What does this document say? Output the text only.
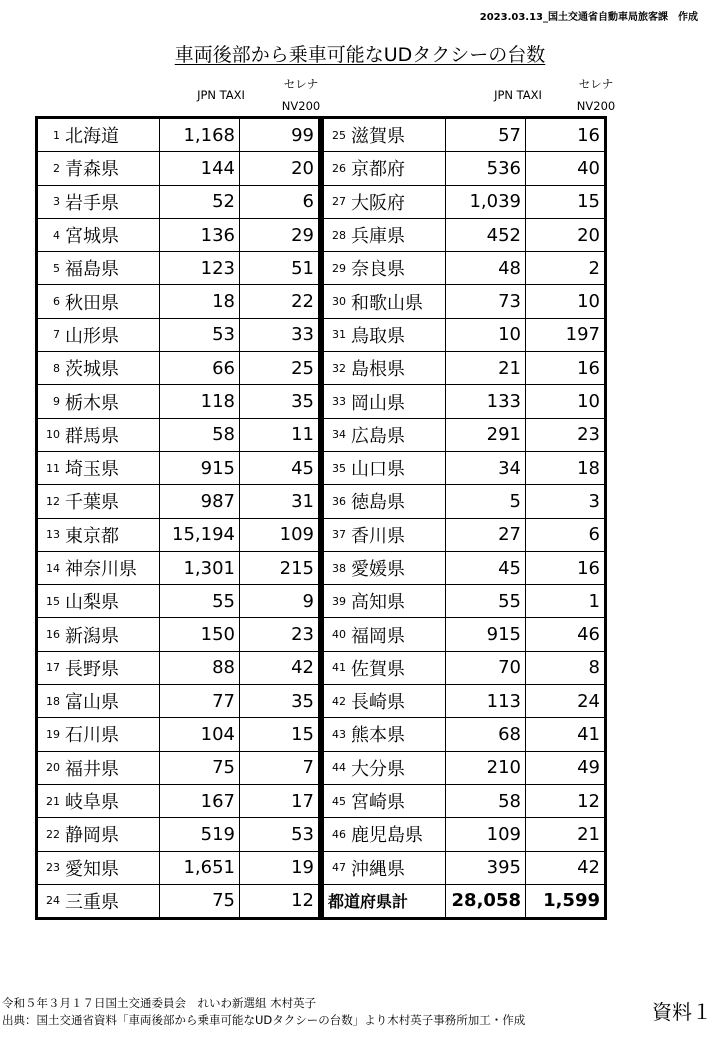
2023.03.13_国土交通省自動車局旅客課　作成
車両後部から乗車可能なUDタクシーの台数
JPN TAXI
セレナ
NV200
JPN TAXI
セレナ
NV200
1	北海道	1,168	99		25	滋賀県	57	16
2	青森県	144	20		26	京都府	536	40
3	岩手県	52	6		27	大阪府	1,039	15
4	宮城県	136	29		28	兵庫県	452	20
5	福島県	123	51		29	奈良県	48	2
6	秋田県	18	22		30	和歌山県	73	10
7	山形県	53	33		31	鳥取県	10	197
8	茨城県	66	25		32	島根県	21	16
9	栃木県	118	35		33	岡山県	133	10
10	群馬県	58	11		34	広島県	291	23
11	埼玉県	915	45		35	山口県	34	18
12	千葉県	987	31		36	徳島県	5	3
13	東京都	15,194	109		37	香川県	27	6
14	神奈川県	1,301	215		38	愛媛県	45	16
15	山梨県	55	9		39	高知県	55	1
16	新潟県	150	23		40	福岡県	915	46
17	長野県	88	42		41	佐賀県	70	8
18	富山県	77	35		42	長崎県	113	24
19	石川県	104	15		43	熊本県	68	41
20	福井県	75	7		44	大分県	210	49
21	岐阜県	167	17		45	宮崎県	58	12
22	静岡県	519	53		46	鹿児島県	109	21
23	愛知県	1,651	19		47	沖縄県	395	42
24	三重県	75	12		都道府県計		28,058	1,599
令和５年３月１７日国土交通委員会　れいわ新選組 木村英子
出典：国土交通省資料「車両後部から乗車可能なUDタクシーの台数」より木村英子事務所加工・作成	資料１
